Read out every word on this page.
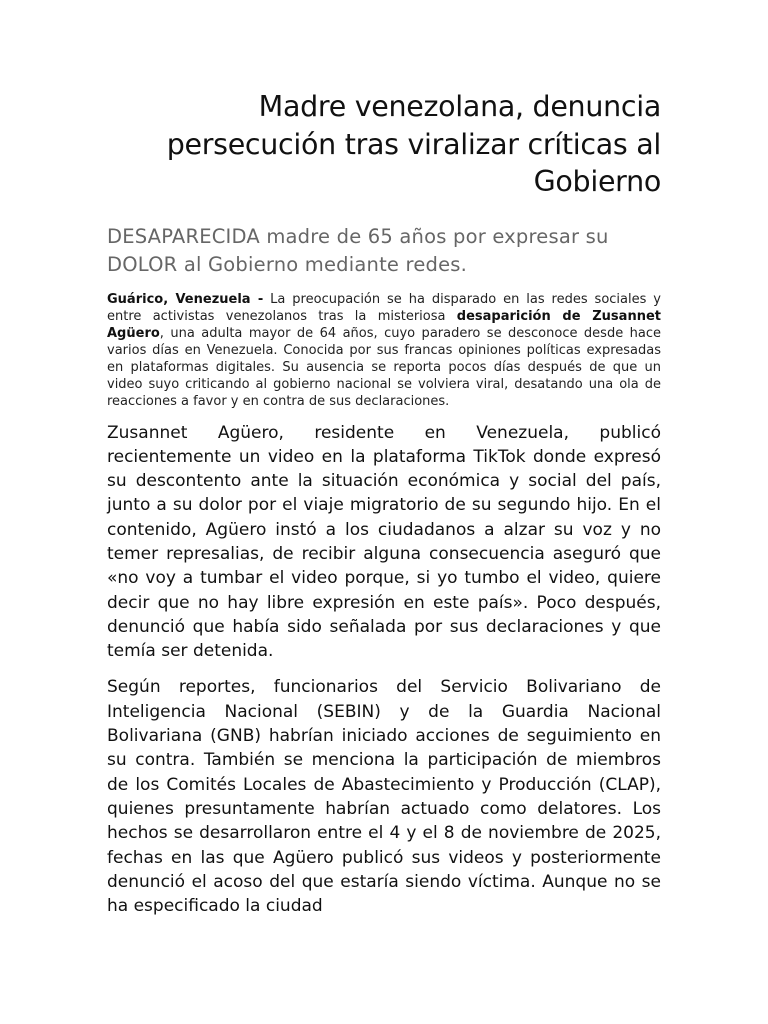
Madre venezolana, denuncia persecución tras viralizar críticas al Gobierno
DESAPARECIDA madre de 65 años por expresar su DOLOR al Gobierno mediante redes.

Guárico, Venezuela - La preocupación se ha disparado en las redes sociales y entre activistas venezolanos tras la misteriosa desaparición de Zusannet Agüero, una adulta mayor de 64 años, cuyo paradero se desconoce desde hace varios días en Venezuela. Conocida por sus francas opiniones políticas expresadas en plataformas digitales. Su ausencia se reporta pocos días después de que un video suyo criticando al gobierno nacional se volviera viral, desatando una ola de reacciones a favor y en contra de sus declaraciones.

Zusannet Agüero, residente en Venezuela, publicó recientemente un video en la plataforma TikTok donde expresó su descontento ante la situación económica y social del país, junto a su dolor por el viaje migratorio de su segundo hijo. En el contenido, Agüero instó a los ciudadanos a alzar su voz y no temer represalias, de recibir alguna consecuencia aseguró que «no voy a tumbar el video porque, si yo tumbo el video, quiere decir que no hay libre expresión en este país». Poco después, denunció que había sido señalada por sus declaraciones y que temía ser detenida.

Según reportes, funcionarios del Servicio Bolivariano de Inteligencia Nacional (SEBIN) y de la Guardia Nacional Bolivariana (GNB) habrían iniciado acciones de seguimiento en su contra. También se menciona la participación de miembros de los Comités Locales de Abastecimiento y Producción (CLAP), quienes presuntamente habrían actuado como delatores. Los hechos se desarrollaron entre el 4 y el 8 de noviembre de 2025, fechas en las que Agüero publicó sus videos y posteriormente denunció el acoso del que estaría siendo víctima. Aunque no se ha especificado la ciudad
